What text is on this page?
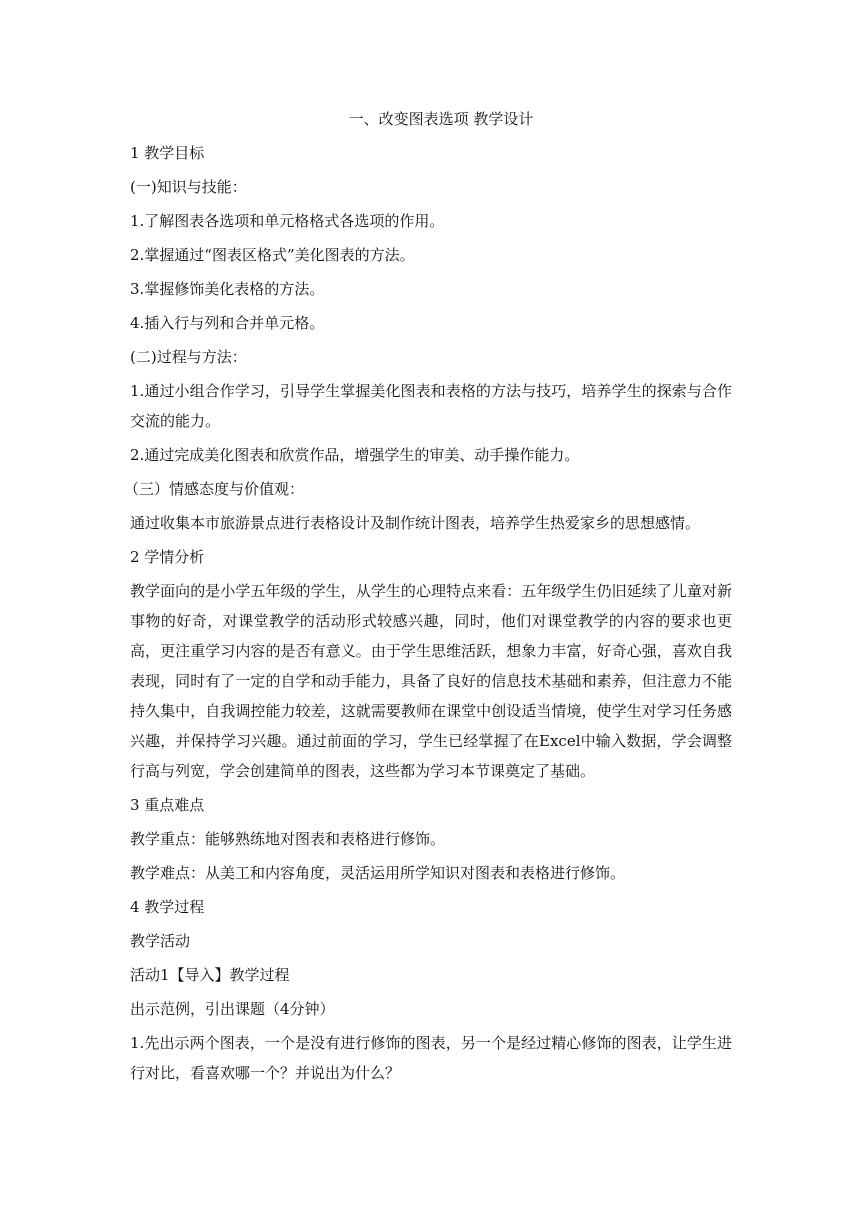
一、改变图表选项 教学设计
1 教学目标
(一)知识与技能：
1.了解图表各选项和单元格格式各选项的作用。
2.掌握通过“图表区格式”美化图表的方法。
3.掌握修饰美化表格的方法。
4.插入行与列和合并单元格。
(二)过程与方法：
1.通过小组合作学习，引导学生掌握美化图表和表格的方法与技巧，培养学生的探索与合作交流的能力。
2.通过完成美化图表和欣赏作品，增强学生的审美、动手操作能力。
（三）情感态度与价值观：
通过收集本市旅游景点进行表格设计及制作统计图表，培养学生热爱家乡的思想感情。
2 学情分析
教学面向的是小学五年级的学生，从学生的心理特点来看：五年级学生仍旧延续了儿童对新事物的好奇，对课堂教学的活动形式较感兴趣，同时，他们对课堂教学的内容的要求也更高，更注重学习内容的是否有意义。由于学生思维活跃，想象力丰富，好奇心强，喜欢自我表现，同时有了一定的自学和动手能力，具备了良好的信息技术基础和素养，但注意力不能持久集中，自我调控能力较差，这就需要教师在课堂中创设适当情境，使学生对学习任务感兴趣，并保持学习兴趣。通过前面的学习，学生已经掌握了在Excel中输入数据，学会调整行高与列宽，学会创建简单的图表，这些都为学习本节课奠定了基础。
3 重点难点
教学重点：能够熟练地对图表和表格进行修饰。
教学难点：从美工和内容角度，灵活运用所学知识对图表和表格进行修饰。
4 教学过程
教学活动
活动1【导入】教学过程
出示范例，引出课题（4分钟）
1.先出示两个图表，一个是没有进行修饰的图表，另一个是经过精心修饰的图表，让学生进行对比，看喜欢哪一个？并说出为什么？
